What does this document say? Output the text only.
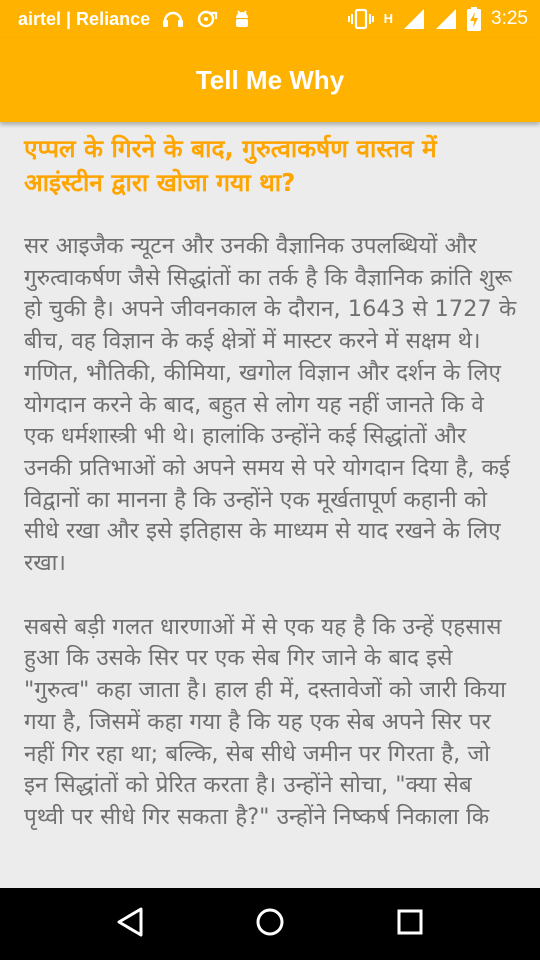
airtel | Reliance	H	3:25
Tell Me Why
एप्पल के गिरने के बाद, गुरुत्वाकर्षण वास्तव में आइंस्टीन द्वारा खोजा गया था?

सर आइजैक न्यूटन और उनकी वैज्ञानिक उपलब्धियों और गुरुत्वाकर्षण जैसे सिद्धांतों का तर्क है कि वैज्ञानिक क्रांति शुरू हो चुकी है। अपने जीवनकाल के दौरान, 1643 से 1727 के बीच, वह विज्ञान के कई क्षेत्रों में मास्टर करने में सक्षम थे। गणित, भौतिकी, कीमिया, खगोल विज्ञान और दर्शन के लिए योगदान करने के बाद, बहुत से लोग यह नहीं जानते कि वे एक धर्मशास्त्री भी थे। हालांकि उन्होंने कई सिद्धांतों और उनकी प्रतिभाओं को अपने समय से परे योगदान दिया है, कई विद्वानों का मानना है कि उन्होंने एक मूर्खतापूर्ण कहानी को सीधे रखा और इसे इतिहास के माध्यम से याद रखने के लिए रखा।

सबसे बड़ी गलत धारणाओं में से एक यह है कि उन्हें एहसास हुआ कि उसके सिर पर एक सेब गिर जाने के बाद इसे "गुरुत्व" कहा जाता है। हाल ही में, दस्तावेजों को जारी किया गया है, जिसमें कहा गया है कि यह एक सेब अपने सिर पर नहीं गिर रहा था; बल्कि, सेब सीधे जमीन पर गिरता है, जो इन सिद्धांतों को प्रेरित करता है। उन्होंने सोचा, "क्या सेब पृथ्वी पर सीधे गिर सकता है?" उन्होंने निष्कर्ष निकाला कि
